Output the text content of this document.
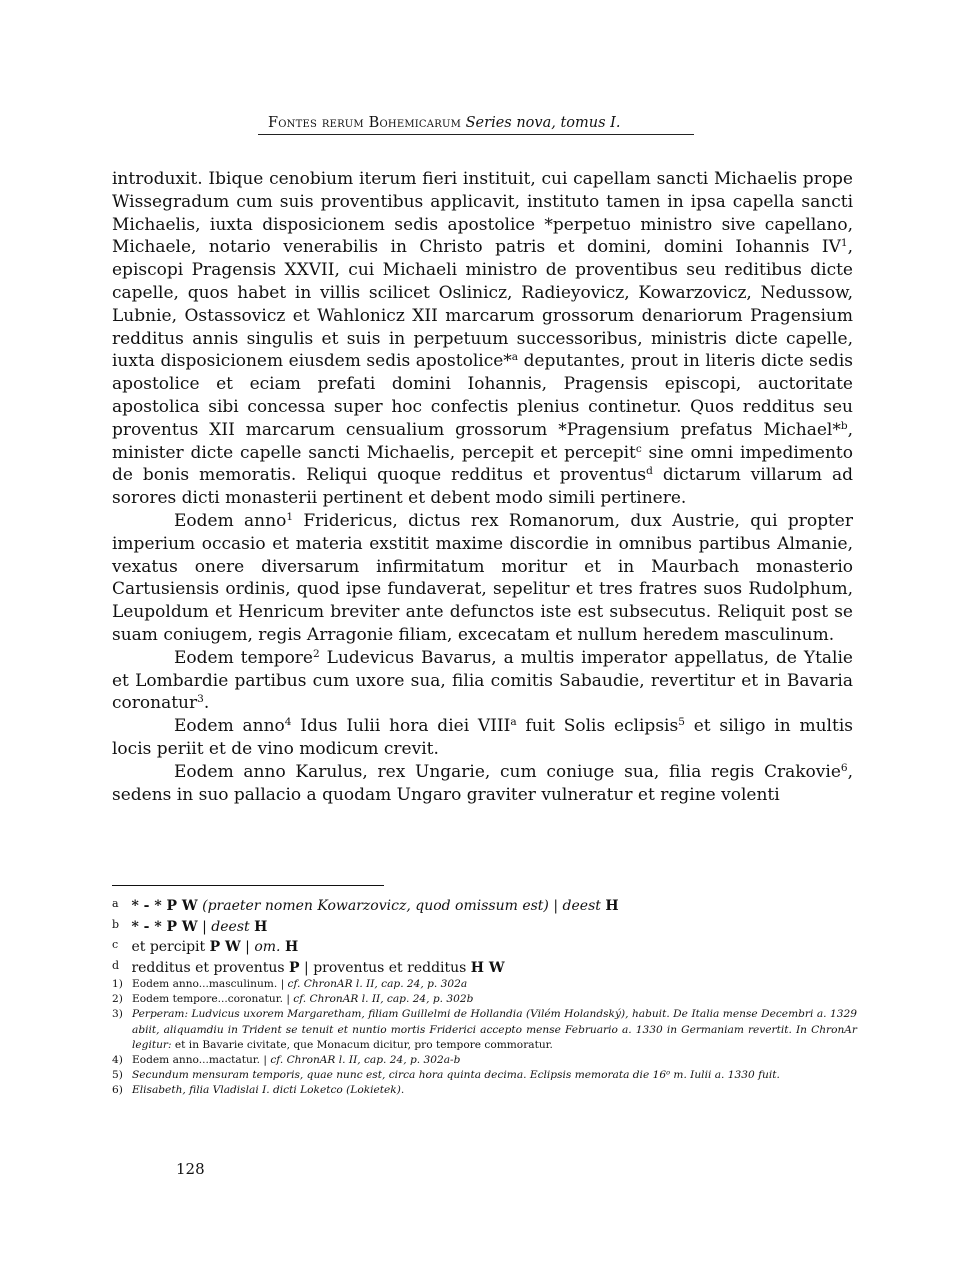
Fontes rerum Bohemicarum Series nova, tomus I.

introduxit. Ibique cenobium iterum fieri instituit, cui capellam sancti Michaelis prope Wissegradum cum suis proventibus applicavit, instituto tamen in ipsa capella sancti Michaelis, iuxta disposicionem sedis apostolice *perpetuo ministro sive capellano, Michaele, notario venerabilis in Christo patris et domini, domini Iohannis $IV^1$, episcopi Pragensis XXVII, cui Michaeli ministro de proventibus seu reditibus dicte capelle, quos habet in villis scilicet Oslinicz, Radieyovicz, Kowarzovicz, Nedussow, Lubnie, Ostassovicz et Wahlonicz XII marcarum grossorum denariorum Pragensium redditus annis singulis et suis in perpetuum successoribus, ministris dicte capelle, iuxta disposicionem eiusdem sedis apostolice*$^a$ deputantes, prout in literis dicte sedis apostolice et eciam prefati domini Iohannis, Pragensis episcopi, auctoritate apostolica sibi concessa super hoc confectis plenius continetur. Quos redditus seu proventus XII marcarum censualium grossorum *Pragensium prefatus Michael*$^b$, minister dicte capelle sancti Michaelis, percepit et percepit$^c$ sine omni impedimento de bonis memoratis. Reliqui quoque redditus et proventus$^d$ dictarum villarum ad sorores dicti monasterii pertinent et debent modo simili pertinere.

Eodem anno$^1$ Fridericus, dictus rex Romanorum, dux Austrie, qui propter imperium occasio et materia exstitit maxime discordie in omnibus partibus Almanie, vexatus onere diversarum infirmitatum moritur et in Maurbach monasterio Cartusiensis ordinis, quod ipse fundaverat, sepelitur et tres fratres suos Rudolphum, Leupoldum et Henricum breviter ante defunctos iste est subsecutus. Reliquit post se suam coniugem, regis Arragonie filiam, excecatam et nullum heredem masculinum.

Eodem tempore$^2$ Ludevicus Bavarus, a multis imperator appellatus, de Ytalie et Lombardie partibus cum uxore sua, filia comitis Sabaudie, revertitur et in Bavaria coronatur$^3$.

Eodem anno$^4$ Idus Iulii hora diei VIII$^a$ fuit Solis eclipsis$^5$ et siligo in multis locis periit et de vino modicum crevit.

Eodem anno Karulus, rex Ungarie, cum coniuge sua, filia regis Crakovie$^6$, sedens in suo pallacio a quodam Ungaro graviter vulneratur et regine volenti

a * - * P W (praeter nomen Kowarzovicz, quod omissum est) | deest H
b * - * P W | deest H
c et percipit P W | om. H
d redditus et proventus P | proventus et redditus H W
1) Eodem anno...masculinum. | cf. ChronAR l. II, cap. 24, p. 302a
2) Eodem tempore...coronatur. | cf. ChronAR l. II, cap. 24, p. 302b
3) Perperam: Ludvicus uxorem Margaretham, filiam Guillelmi de Hollandia (Vilém Holandský), habuit. De Italia mense Decembri a. 1329 abiit, aliquamdiu in Trident se tenuit et nuntio mortis Friderici accepto mense Februario a. 1330 in Germaniam revertit. In ChronAr legitur: et in Bavarie civitate, que Monacum dicitur, pro tempore commoratur.
4) Eodem anno...mactatur. | cf. ChronAR l. II, cap. 24, p. 302a-b
5) Secundum mensuram temporis, quae nunc est, circa hora quinta decima. Eclipsis memorata die 16$^o$ m. Iulii a. 1330 fuit.
6) Elisabeth, filia Vladislai I. dicti Loketco (Lokietek).
128
